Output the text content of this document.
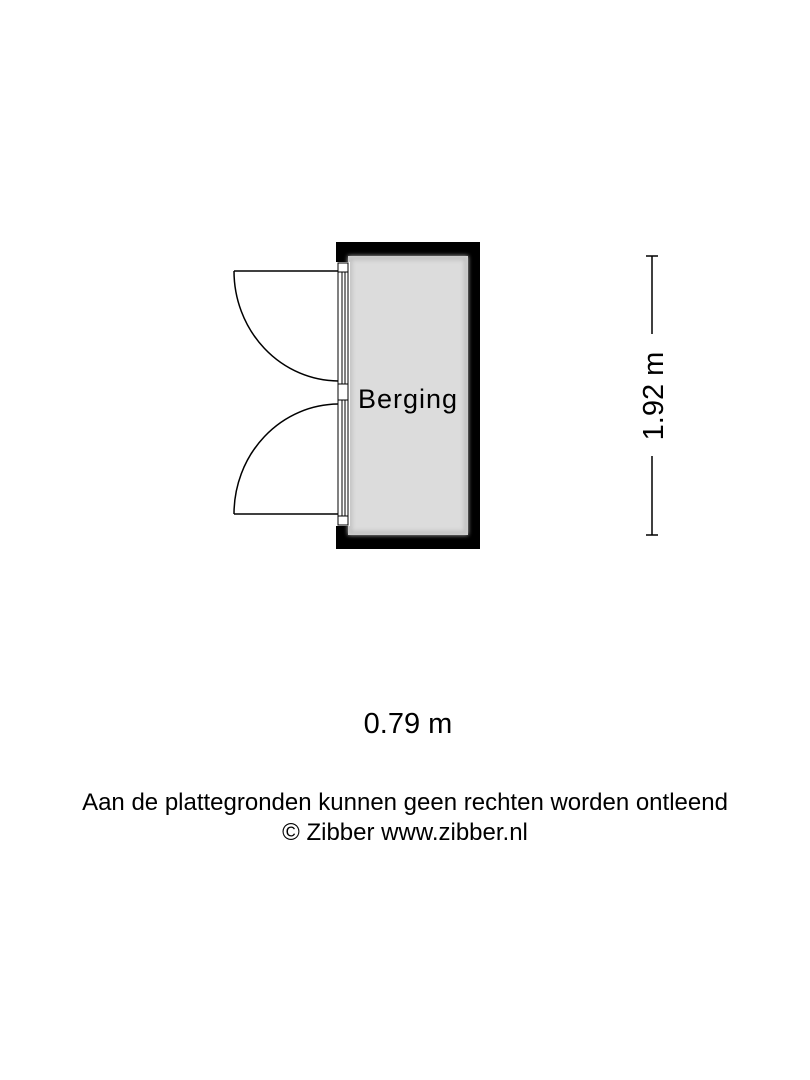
Berging	1.92 m
0.79 m
Aan de plattegronden kunnen geen rechten worden ontleend
© Zibber www.zibber.nl
